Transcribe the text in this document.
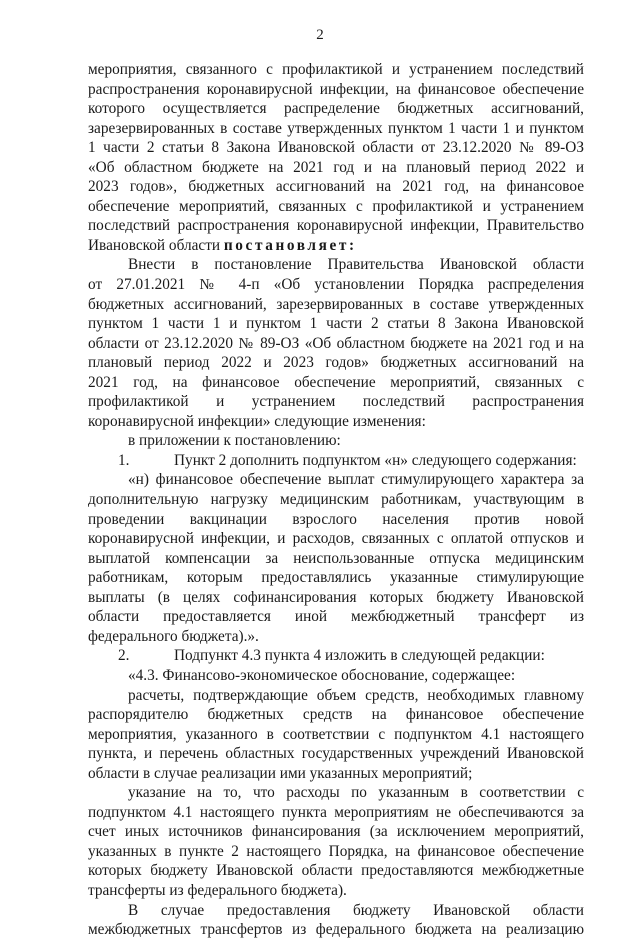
2
мероприятия, связанного с профилактикой и устранением последствий
распространения коронавирусной инфекции, на финансовое обеспечение
которого осуществляется распределение бюджетных ассигнований,
зарезервированных в составе утвержденных пунктом 1 части 1 и пунктом
1 части 2 статьи 8 Закона Ивановской области от 23.12.2020 № 89-ОЗ
«Об областном бюджете на 2021 год и на плановый период 2022 и
2023 годов», бюджетных ассигнований на 2021 год, на финансовое
обеспечение мероприятий, связанных с профилактикой и устранением
последствий распространения коронавирусной инфекции, Правительство
Ивановской области постановляет:
Внести в постановление Правительства Ивановской области
от 27.01.2021 № 4-п «Об установлении Порядка распределения
бюджетных ассигнований, зарезервированных в составе утвержденных
пунктом 1 части 1 и пунктом 1 части 2 статьи 8 Закона Ивановской
области от 23.12.2020 № 89-ОЗ «Об областном бюджете на 2021 год и на
плановый период 2022 и 2023 годов» бюджетных ассигнований на
2021 год, на финансовое обеспечение мероприятий, связанных с
профилактикой и устранением последствий распространения
коронавирусной инфекции» следующие изменения:
в приложении к постановлению:
1.	Пункт 2 дополнить подпунктом «н» следующего содержания:
«н) финансовое обеспечение выплат стимулирующего характера за
дополнительную нагрузку медицинским работникам, участвующим в
проведении вакцинации взрослого населения против новой
коронавирусной инфекции, и расходов, связанных с оплатой отпусков и
выплатой компенсации за неиспользованные отпуска медицинским
работникам, которым предоставлялись указанные стимулирующие
выплаты (в целях софинансирования которых бюджету Ивановской
области предоставляется иной межбюджетный трансферт из
федерального бюджета).».
2.	Подпункт 4.3 пункта 4 изложить в следующей редакции:
«4.3. Финансово-экономическое обоснование, содержащее:
расчеты, подтверждающие объем средств, необходимых главному
распорядителю бюджетных средств на финансовое обеспечение
мероприятия, указанного в соответствии с подпунктом 4.1 настоящего
пункта, и перечень областных государственных учреждений Ивановской
области в случае реализации ими указанных мероприятий;
указание на то, что расходы по указанным в соответствии с
подпунктом 4.1 настоящего пункта мероприятиям не обеспечиваются за
счет иных источников финансирования (за исключением мероприятий,
указанных в пункте 2 настоящего Порядка, на финансовое обеспечение
которых бюджету Ивановской области предоставляются межбюджетные
трансферты из федерального бюджета).
В случае предоставления бюджету Ивановской области
межбюджетных трансфертов из федерального бюджета на реализацию
